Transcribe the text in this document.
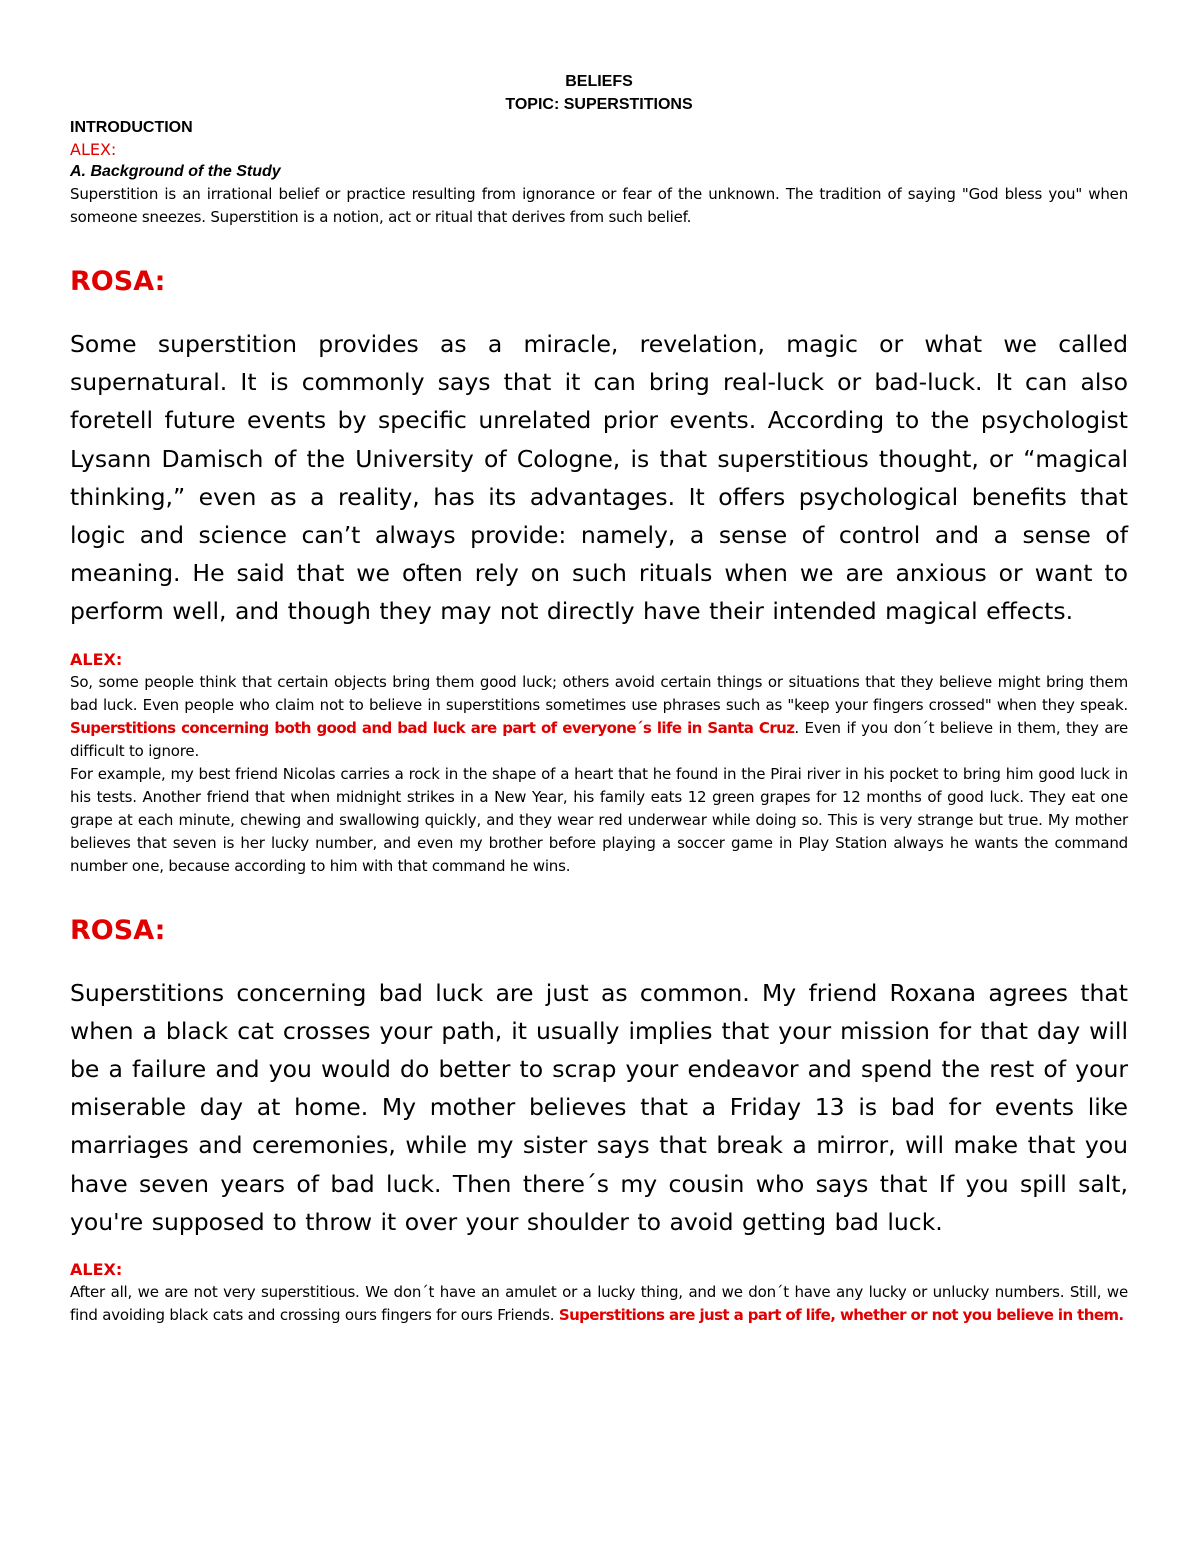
BELIEFS
TOPIC: SUPERSTITIONS
INTRODUCTION
ALEX:
A. Background of the Study

Superstition is an irrational belief or practice resulting from ignorance or fear of the unknown. The tradition of saying "God bless you" when someone sneezes. Superstition is a notion, act or ritual that derives from such belief.

ROSA:

Some superstition provides as a miracle, revelation, magic or what we called supernatural. It is commonly says that it can bring real-luck or bad-luck. It can also foretell future events by specific unrelated prior events. According to the psychologist Lysann Damisch of the University of Cologne, is that superstitious thought, or “magical thinking,” even as a reality, has its advantages. It offers psychological benefits that logic and science can’t always provide: namely, a sense of control and a sense of meaning. He said that we often rely on such rituals when we are anxious or want to perform well, and though they may not directly have their intended magical effects.

ALEX:

So, some people think that certain objects bring them good luck; others avoid certain things or situations that they believe might bring them bad luck. Even people who claim not to believe in superstitions sometimes use phrases such as "keep your fingers crossed" when they speak. Superstitions concerning both good and bad luck are part of everyone´s life in Santa Cruz. Even if you don´t believe in them, they are difficult to ignore.

For example, my best friend Nicolas carries a rock in the shape of a heart that he found in the Pirai river in his pocket to bring him good luck in his tests. Another friend that when midnight strikes in a New Year, his family eats 12 green grapes for 12 months of good luck. They eat one grape at each minute, chewing and swallowing quickly, and they wear red underwear while doing so. This is very strange but true. My mother believes that seven is her lucky number, and even my brother before playing a soccer game in Play Station always he wants the command number one, because according to him with that command he wins.

ROSA:

Superstitions concerning bad luck are just as common. My friend Roxana agrees that when a black cat crosses your path, it usually implies that your mission for that day will be a failure and you would do better to scrap your endeavor and spend the rest of your miserable day at home. My mother believes that a Friday 13 is bad for events like marriages and ceremonies, while my sister says that break a mirror, will make that you have seven years of bad luck. Then there´s my cousin who says that If you spill salt, you're supposed to throw it over your shoulder to avoid getting bad luck.

ALEX:

After all, we are not very superstitious. We don´t have an amulet or a lucky thing, and we don´t have any lucky or unlucky numbers. Still, we find avoiding black cats and crossing ours fingers for ours Friends. Superstitions are just a part of life, whether or not you believe in them.
